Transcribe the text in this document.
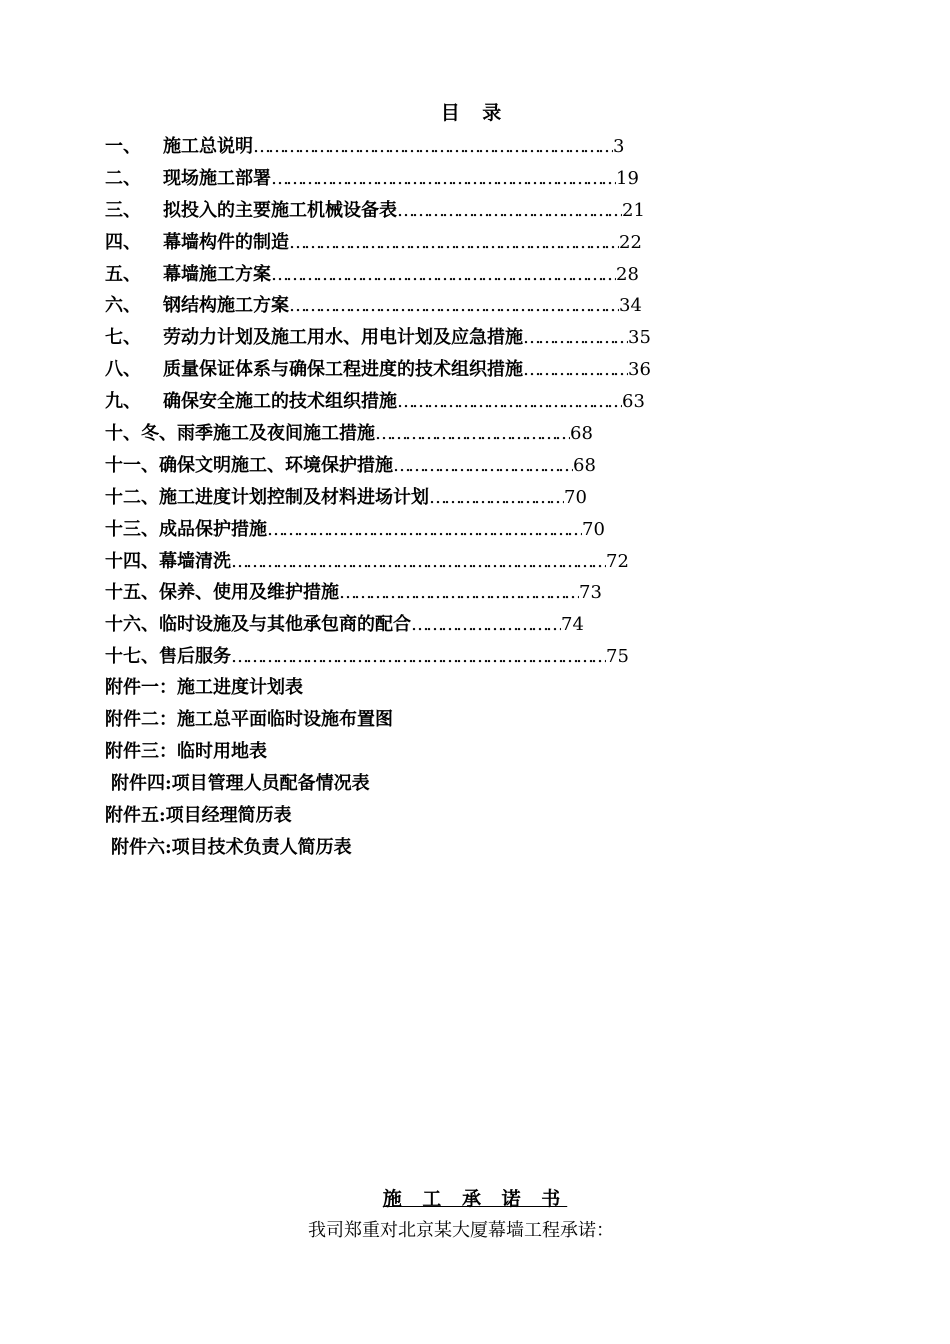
目 录
一、	施工总说明 ……………………………………………………………… 3
二、	现场施工部署 …………………………………………………………… 19
三、	拟投入的主要施工机械设备表 ……………………………………… 21
四、	幕墙构件的制造 ………………………………………………………… 22
五、	幕墙施工方案 …………………………………………………………… 28
六、	钢结构施工方案 ………………………………………………………… 34
七、	劳动力计划及施工用水、用电计划及应急措施 ………………… 35
八、	质量保证体系与确保工程进度的技术组织措施 ………………… 36
九、	确保安全施工的技术组织措施 ……………………………………… 63
十、冬、雨季施工及夜间施工措施 ………………………………… 68
十一、确保文明施工、环境保护措施 ……………………………… 68
十二、施工进度计划控制及材料进场计划 ……………………… 70
十三、成品保护措施 ……………………………………………………… 70
十四、幕墙清洗 ………………………………………………………………… 72
十五、保养、使用及维护措施 ………………………………………… 73
十六、临时设施及与其他承包商的配合 ………………………… 74
十七、售后服务 ………………………………………………………………… 75
附件一：施工进度计划表
附件二：施工总平面临时设施布置图
附件三：临时用地表
附件四:项目管理人员配备情况表
附件五:项目经理简历表
附件六:项目技术负责人简历表
施 工 承 诺 书
我司郑重对北京某大厦幕墙工程承诺：
